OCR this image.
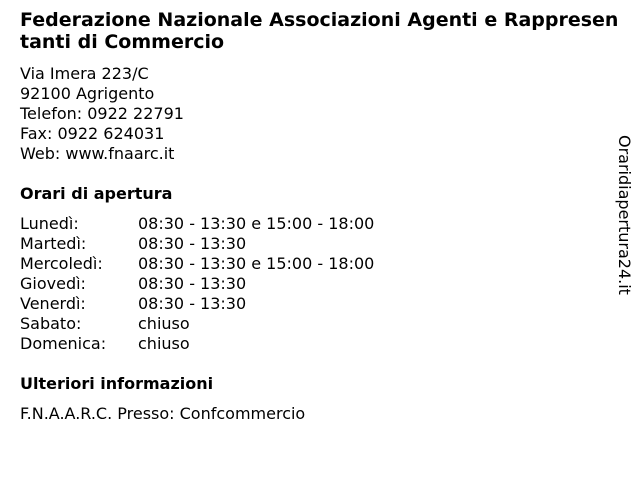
Federazione Nazionale Associazioni Agenti e Rappresentanti di Commercio
Via Imera 223/C
92100 Agrigento
Telefon: 0922 22791
Fax: 0922 624031
Web: www.fnaarc.it
Orari di apertura
Lunedì:	08:30 - 13:30 e 15:00 - 18:00
Martedì:	08:30 - 13:30
Mercoledì:	08:30 - 13:30 e 15:00 - 18:00
Giovedì:	08:30 - 13:30
Venerdì:	08:30 - 13:30
Sabato:	chiuso
Domenica:	chiuso
Ulteriori informazioni
F.N.A.A.R.C. Presso: Confcommercio
Oraridiapertura24.it
